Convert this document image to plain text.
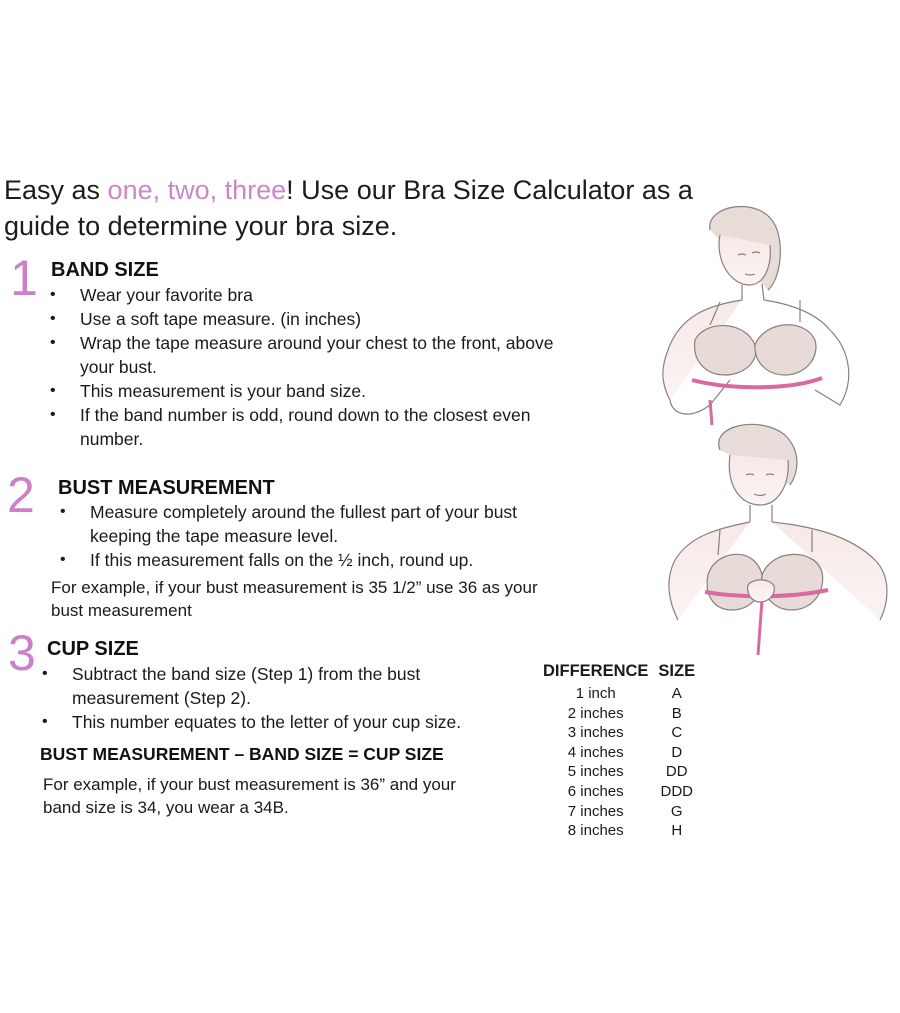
Easy as one, two, three! Use our Bra Size Calculator as a
guide to determine your bra size.
1 BAND SIZE
• Wear your favorite bra
• Use a soft tape measure. (in inches)
• Wrap the tape measure around your chest to the front, above your bust.
• This measurement is your band size.
• If the band number is odd, round down to the closest even number.
2 BUST MEASUREMENT
• Measure completely around the fullest part of your bust keeping the tape measure level.
• If this measurement falls on the ½ inch, round up.
For example, if your bust measurement is 35 1/2” use 36 as your bust measurement
3 CUP SIZE
• Subtract the band size (Step 1) from the bust measurement (Step 2).
• This number equates to the letter of your cup size.
BUST MEASUREMENT – BAND SIZE = CUP SIZE
For example, if your bust measurement is 36” and your band size is 34, you wear a 34B.
DIFFERENCE	SIZE
1 inch	A
2 inches	B
3 inches	C
4 inches	D
5 inches	DD
6 inches	DDD
7 inches	G
8 inches	H
